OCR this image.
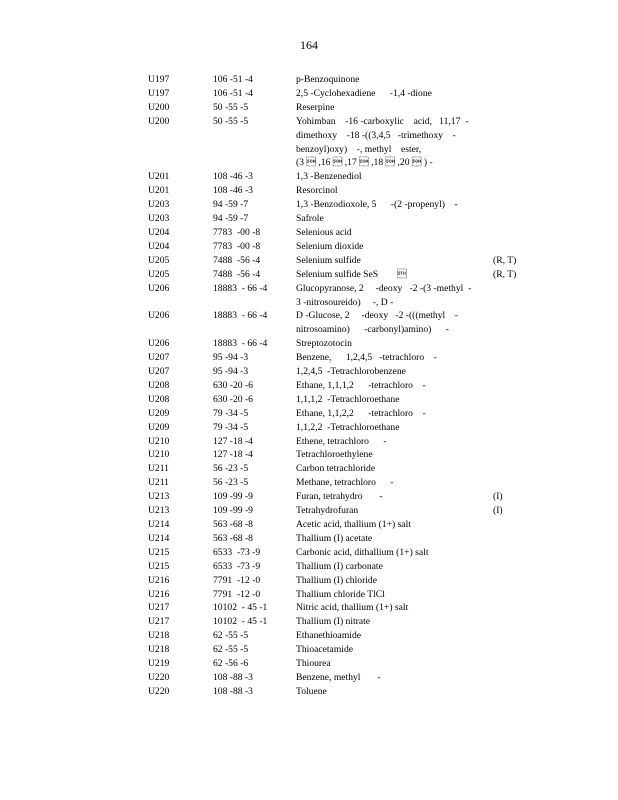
164
U197	106 -51 -4	p-Benzoquinone
U197	106 -51 -4	2,5 -Cyclohexadiene      -1,4 -dione
U200	50 -55 -5	Reserpine
U200	50 -55 -5	Yohimban    -16 -carboxylic    acid,   11,17  -
dimethoxy    -18 -((3,4,5   -trimethoxy    -
benzoyl)oxy)    -, methyl    ester,
(3  ,16  ,17  ,18  ,20  ) -
U201	108 -46 -3	1,3 -Benzenediol
U201	108 -46 -3	Resorcinol
U203	94 -59 -7	1,3 -Benzodioxole, 5      -(2 -propenyl)    -
U203	94 -59 -7	Safrole
U204	7783  -00 -8	Selenious acid
U204	7783  -00 -8	Selenium dioxide
U205	7488  -56 -4	Selenium sulfide	(R, T)
U205	7488  -56 -4	Selenium sulfide SeS        	(R, T)
U206	18883  - 66 -4	Glucopyranose, 2     -deoxy   -2 -(3 -methyl  -
3 -nitrosoureido)     -, D -
U206	18883  - 66 -4	D -Glucose, 2     -deoxy   -2 -(((methyl    -
nitrosoamino)      -carbonyl)amino)      -
U206	18883  - 66 -4	Streptozotocin
U207	95 -94 -3	Benzene,      1,2,4,5   -tetrachloro    -
U207	95 -94 -3	1,2,4,5  -Tetrachlorobenzene
U208	630 -20 -6	Ethane, 1,1,1,2      -tetrachloro    -
U208	630 -20 -6	1,1,1,2  -Tetrachloroethane
U209	79 -34 -5	Ethane, 1,1,2,2      -tetrachloro    -
U209	79 -34 -5	1,1,2,2  -Tetrachloroethane
U210	127 -18 -4	Ethene, tetrachloro      -
U210	127 -18 -4	Tetrachloroethylene
U211	56 -23 -5	Carbon tetrachloride
U211	56 -23 -5	Methane, tetrachloro      -
U213	109 -99 -9	Furan, tetrahydro       -	(I)
U213	109 -99 -9	Tetrahydrofuran	(I)
U214	563 -68 -8	Acetic acid, thallium (1+) salt
U214	563 -68 -8	Thallium (I) acetate
U215	6533  -73 -9	Carbonic acid, dithallium (1+) salt
U215	6533  -73 -9	Thallium (I) carbonate
U216	7791  -12 -0	Thallium (I) chloride
U216	7791  -12 -0	Thallium chloride TlCl
U217	10102  - 45 -1	Nitric acid, thallium (1+) salt
U217	10102  - 45 -1	Thallium (I) nitrate
U218	62 -55 -5	Ethanethioamide
U218	62 -55 -5	Thioacetamide
U219	62 -56 -6	Thiourea
U220	108 -88 -3	Benzene, methyl       -
U220	108 -88 -3	Toluene
